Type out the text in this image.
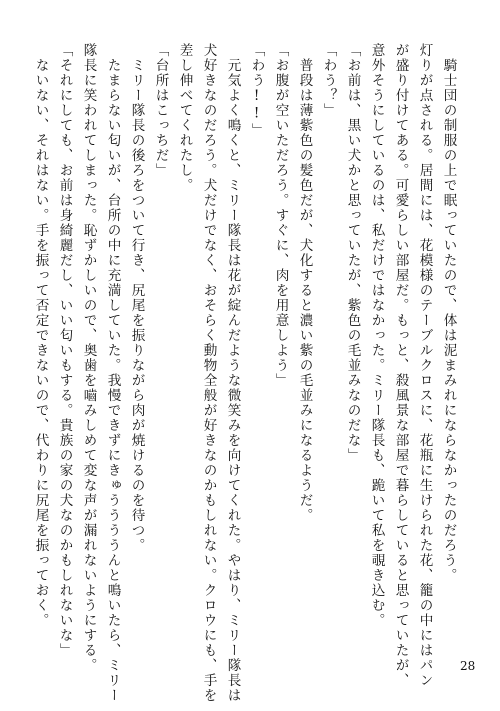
　騎士団の制服の上で眠っていたので、体は泥まみれにならなかったのだろう。
灯りが点される。居間には、花模様のテーブルクロスに、花瓶に生けられた花、籠の中にはパン
が盛り付けてある。可愛らしい部屋だ。もっと、殺風景な部屋で暮らしていると思っていたが、
意外そうにしているのは、私だけではなかった。ミリー隊長も、跪いて私を覗き込む。
「お前は、黒い犬かと思っていたが、紫色の毛並みなのだな」
「わう？」
　普段は薄紫色の髪色だが、犬化すると濃い紫の毛並みになるようだ。
「お腹が空いただろう。すぐに、肉を用意しよう」
「わう!!」
　元気よく鳴くと、ミリー隊長は花が綻んだような微笑みを向けてくれた。やはり、ミリー隊長は
犬好きなのだろう。犬だけでなく、おそらく動物全般が好きなのかもしれない。クロウにも、手を
差し伸べてくれたし。
「台所はこっちだ」
　ミリー隊長の後ろをついて行き、尻尾を振りながら肉が焼けるのを待つ。
　たまらない匂いが、台所の中に充満していた。我慢できずにきゅううううんと鳴いたら、ミリー
隊長に笑われてしまった。恥ずかしいので、奥歯を嚙みしめて変な声が漏れないようにする。
「それにしても、お前は身綺麗だし、いい匂いもする。貴族の家の犬なのかもしれないな」
　ないない、それはない。手を振って否定できないので、代わりに尻尾を振っておく。
28
